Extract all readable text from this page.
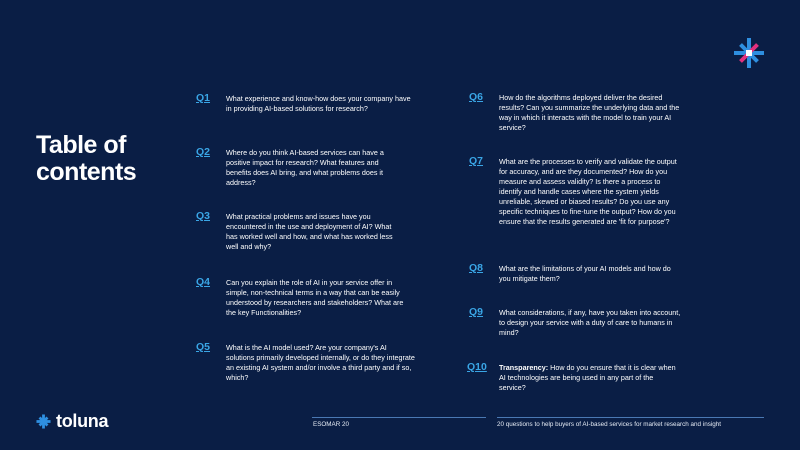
Table of
contents
Q1	What experience and know-how does your company have in providing AI-based solutions for research?

Q2	Where do you think AI-based services can have a positive impact for research? What features and benefits does AI bring, and what problems does it address?

Q3	What practical problems and issues have you encountered in the use and deployment of AI? What has worked well and how, and what has worked less well and why?

Q4	Can you explain the role of AI in your service offer in simple, non-technical terms in a way that can be easily understood by researchers and stakeholders? What are the key Functionalities?

Q5	What is the AI model used? Are your company's AI solutions primarily developed internally, or do they integrate an existing AI system and/or involve a third party and if so, which?

Q6	How do the algorithms deployed deliver the desired results? Can you summarize the underlying data and the way in which it interacts with the model to train your AI service?

Q7	What are the processes to verify and validate the output for accuracy, and are they documented? How do you measure and assess validity? Is there a process to identify and handle cases where the system yields unreliable, skewed or biased results? Do you use any specific techniques to fine-tune the output? How do you ensure that the results generated are 'fit for purpose'?

Q8	What are the limitations of your AI models and how do you mitigate them?

Q9	What considerations, if any, have you taken into account, to design your service with a duty of care to humans in mind?

Q10	Transparency: How do you ensure that it is clear when AI technologies are being used in any part of the service?

toluna	ESOMAR 20	20 questions to help buyers of AI-based services for market research and insight
